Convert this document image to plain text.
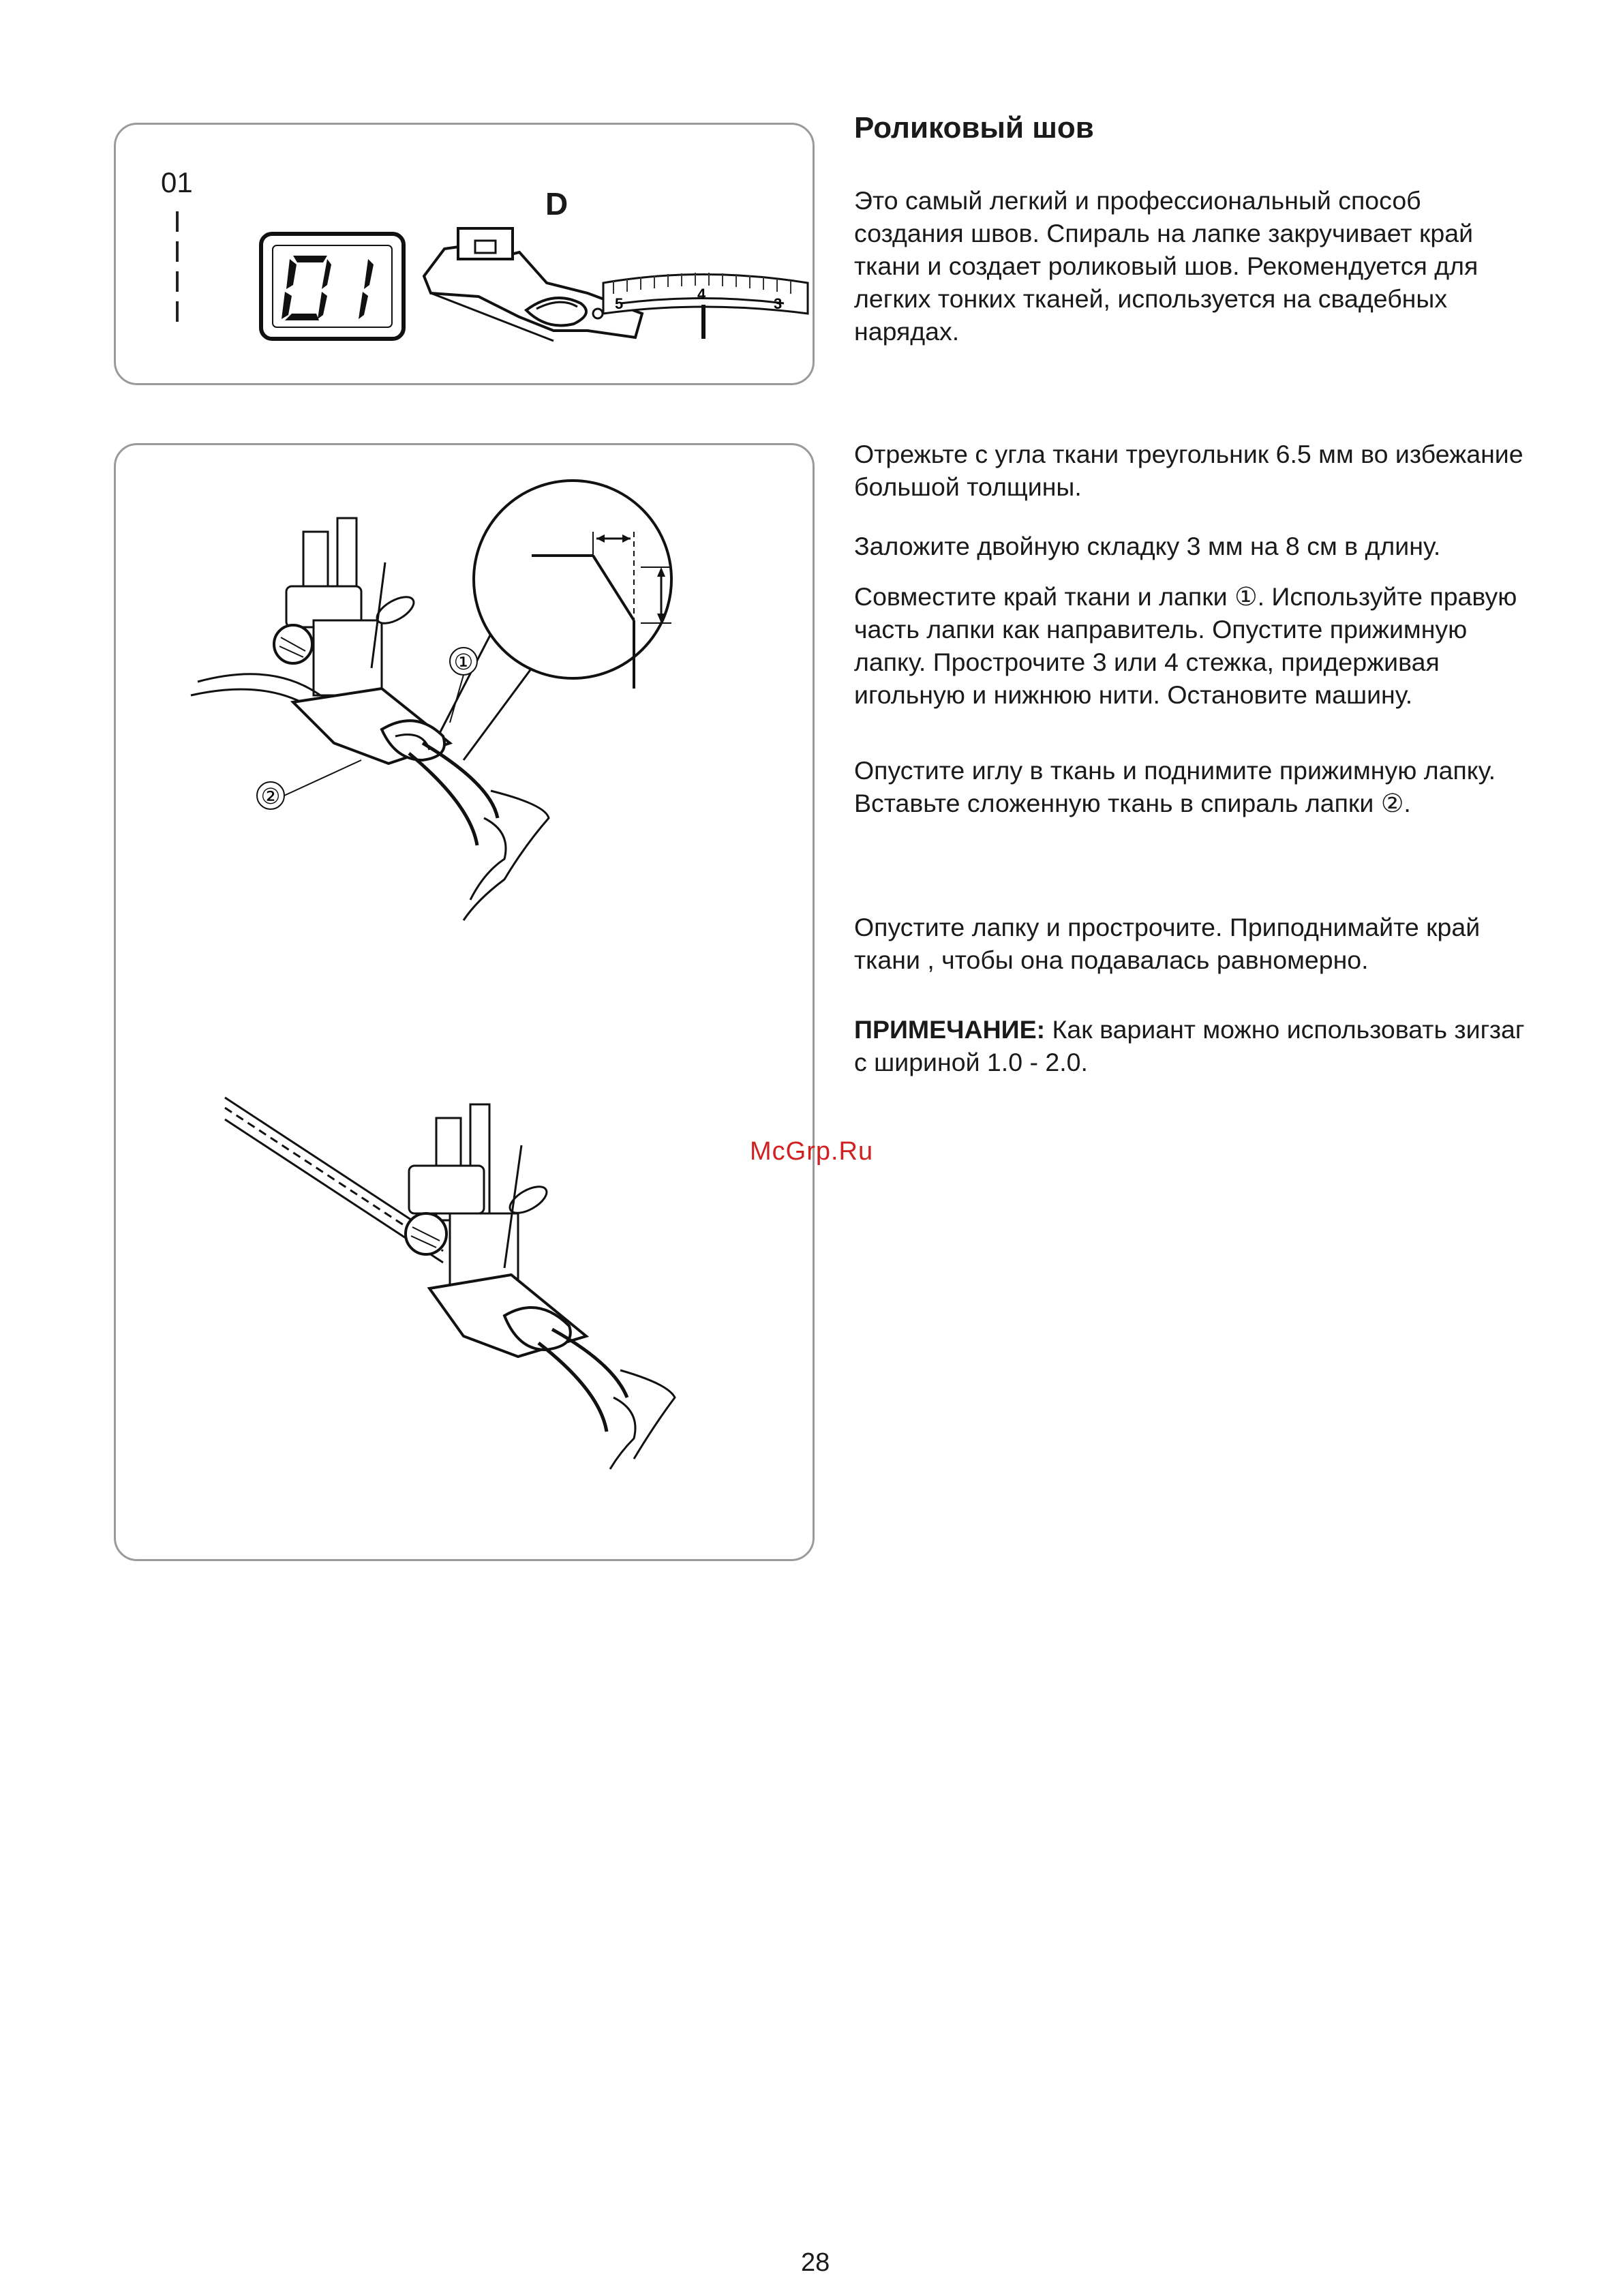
01
D
5
4
3
①
②
Роликовый шов
Это самый легкий и профессиональный способ создания швов. Спираль на лапке закручивает край ткани и создает роликовый шов. Рекомендуется для легких тонких тканей, используется на свадебных нарядах.
Отрежьте с угла ткани треугольник 6.5 мм во избежание большой толщины.
Заложите двойную складку 3 мм на 8 см в длину.
Совместите край ткани и лапки ①. Используйте правую часть лапки как направитель. Опустите прижимную лапку. Прострочите 3 или 4 стежка, придерживая игольную и нижнюю нити. Остановите машину.
Опустите иглу в ткань и поднимите прижимную лапку. Вставьте сложенную ткань в спираль лапки ②.
Опустите лапку и прострочите. Приподнимайте край ткани , чтобы она подавалась равномерно.
ПРИМЕЧАНИЕ: Как вариант можно использовать зигзаг с шириной 1.0 - 2.0.
McGrp.Ru
28
